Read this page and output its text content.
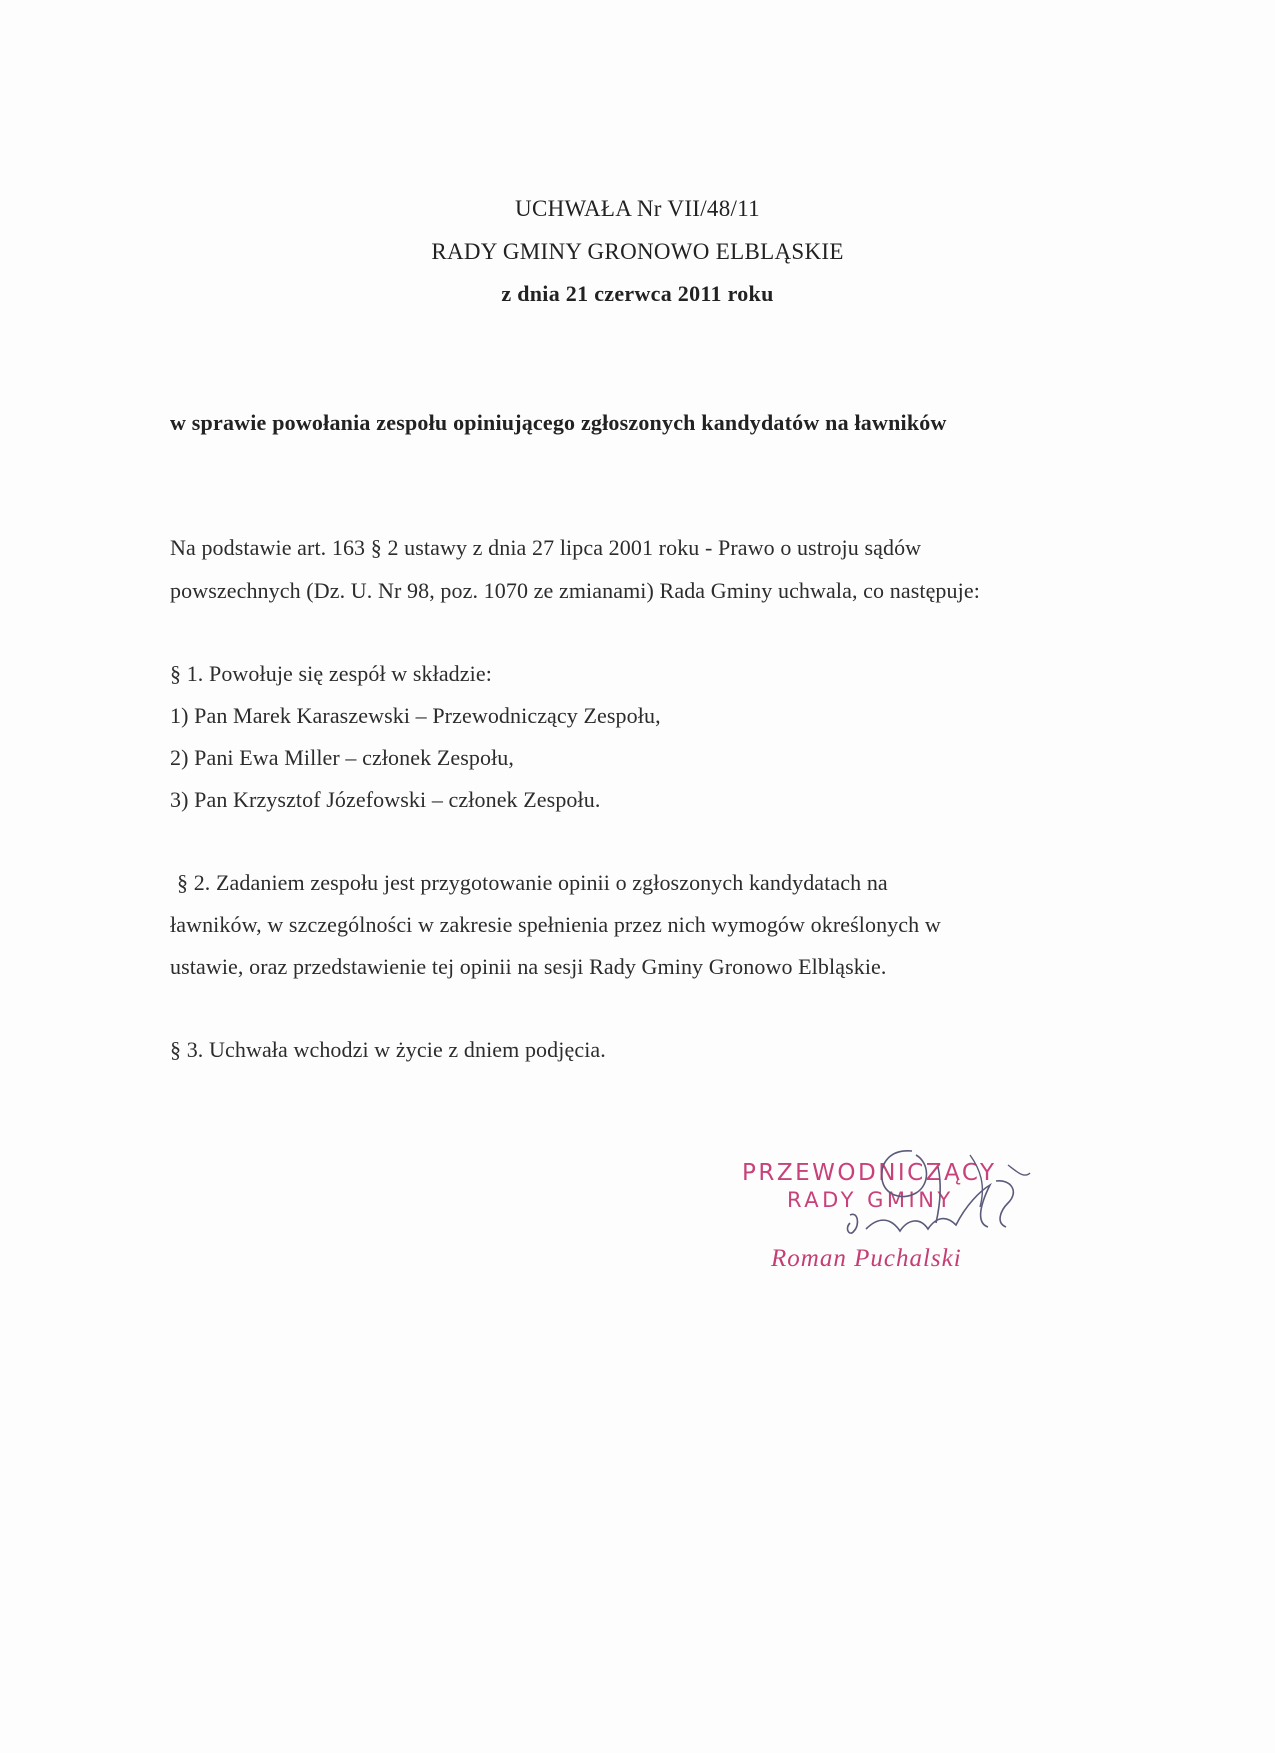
UCHWAŁA Nr VII/48/11
RADY GMINY GRONOWO ELBLĄSKIE
z dnia 21 czerwca 2011 roku
w sprawie powołania zespołu opiniującego zgłoszonych kandydatów na ławników
Na podstawie art. 163 § 2 ustawy z dnia 27 lipca 2001 roku - Prawo o ustroju sądów
powszechnych (Dz. U. Nr 98, poz. 1070 ze zmianami) Rada Gminy uchwala, co następuje:
§ 1. Powołuje się zespół w składzie:
1) Pan Marek Karaszewski – Przewodniczący Zespołu,
2) Pani Ewa Miller – członek Zespołu,
3) Pan Krzysztof Józefowski – członek Zespołu.
§ 2. Zadaniem zespołu jest przygotowanie opinii o zgłoszonych kandydatach na
ławników, w szczególności w zakresie spełnienia przez nich wymogów określonych w
ustawie, oraz przedstawienie tej opinii na sesji Rady Gminy Gronowo Elbląskie.
§ 3. Uchwała wchodzi w życie z dniem podjęcia.
PRZEWODNICZĄCY
RADY GMINY
Roman Puchalski
